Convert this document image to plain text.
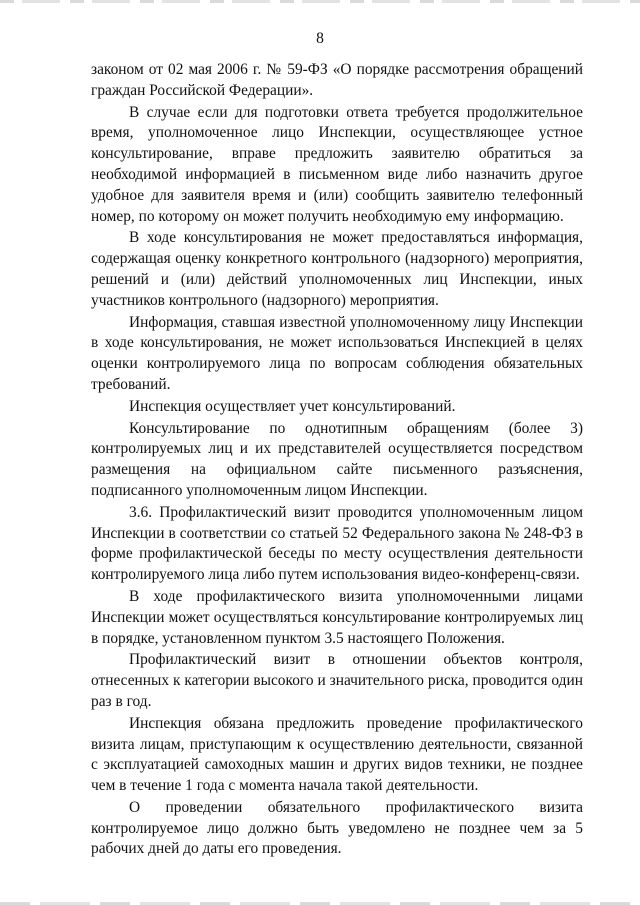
8

законом от 02 мая 2006 г. № 59-ФЗ «О порядке рассмотрения обращений граждан Российской Федерации».

В случае если для подготовки ответа требуется продолжительное время, уполномоченное лицо Инспекции, осуществляющее устное консультирование, вправе предложить заявителю обратиться за необходимой информацией в письменном виде либо назначить другое удобное для заявителя время и (или) сообщить заявителю телефонный номер, по которому он может получить необходимую ему информацию.

В ходе консультирования не может предоставляться информация, содержащая оценку конкретного контрольного (надзорного) мероприятия, решений и (или) действий уполномоченных лиц Инспекции, иных участников контрольного (надзорного) мероприятия.

Информация, ставшая известной уполномоченному лицу Инспекции в ходе консультирования, не может использоваться Инспекцией в целях оценки контролируемого лица по вопросам соблюдения обязательных требований.

Инспекция осуществляет учет консультирований.

Консультирование по однотипным обращениям (более 3) контролируемых лиц и их представителей осуществляется посредством размещения на официальном сайте письменного разъяснения, подписанного уполномоченным лицом Инспекции.

3.6. Профилактический визит проводится уполномоченным лицом Инспекции в соответствии со статьей 52 Федерального закона № 248-ФЗ в форме профилактической беседы по месту осуществления деятельности контролируемого лица либо путем использования видео-конференц-связи.

В ходе профилактического визита уполномоченными лицами Инспекции может осуществляться консультирование контролируемых лиц в порядке, установленном пунктом 3.5 настоящего Положения.

Профилактический визит в отношении объектов контроля, отнесенных к категории высокого и значительного риска, проводится один раз в год.

Инспекция обязана предложить проведение профилактического визита лицам, приступающим к осуществлению деятельности, связанной с эксплуатацией самоходных машин и других видов техники, не позднее чем в течение 1 года с момента начала такой деятельности.

О проведении обязательного профилактического визита контролируемое лицо должно быть уведомлено не позднее чем за 5 рабочих дней до даты его проведения.
